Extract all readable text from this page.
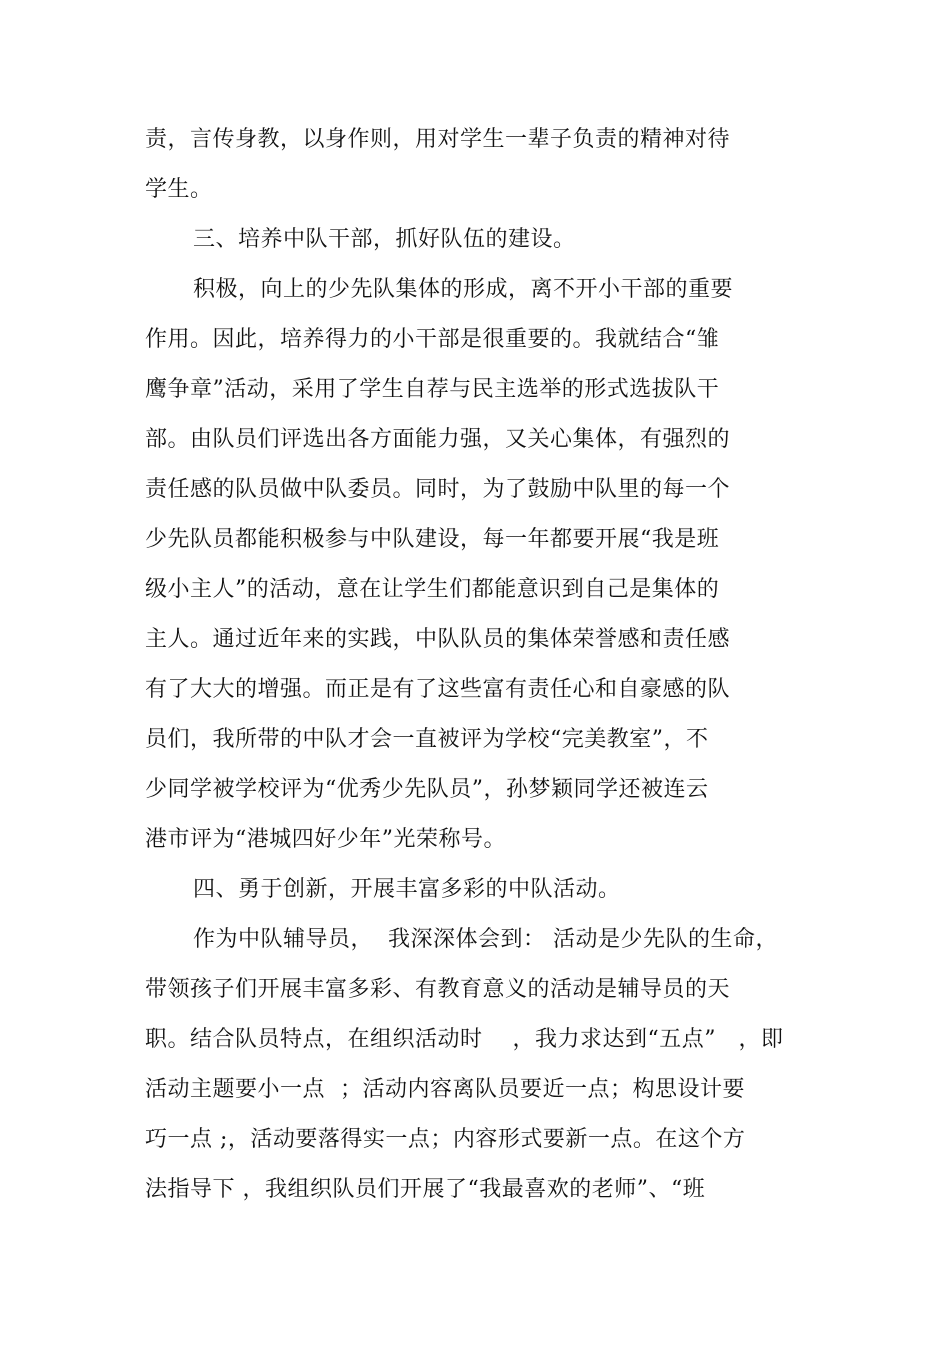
责，言传身教，以身作则，用对学生一辈子负责的精神对待
学生。
三、培养中队干部，抓好队伍的建设。
积极，向上的少先队集体的形成，离不开小干部的重要
作用。因此，培养得力的小干部是很重要的。我就结合“雏
鹰争章”活动，采用了学生自荐与民主选举的形式选拔队干
部。由队员们评选出各方面能力强，又关心集体，有强烈的
责任感的队员做中队委员。同时，为了鼓励中队里的每一个
少先队员都能积极参与中队建设，每一年都要开展“我是班
级小主人”的活动，意在让学生们都能意识到自己是集体的
主人。通过近年来的实践，中队队员的集体荣誉感和责任感
有了大大的增强。而正是有了这些富有责任心和自豪感的队
员们，我所带的中队才会一直被评为学校“完美教室”，不
少同学被学校评为“优秀少先队员”，孙梦颖同学还被连云
港市评为“港城四好少年”光荣称号。
四、勇于创新，开展丰富多彩的中队活动。
作为中队辅导员，  我深深体会到： 活动是少先队的生命，
带领孩子们开展丰富多彩、有教育意义的活动是辅导员的天
职。结合队员特点，在组织活动时    ，我力求达到“五点”   ，即
活动主题要小一点  ；活动内容离队员要近一点；构思设计要
巧一点 ;，活动要落得实一点；内容形式要新一点。在这个方
法指导下 ，我组织队员们开展了“我最喜欢的老师”、“班
